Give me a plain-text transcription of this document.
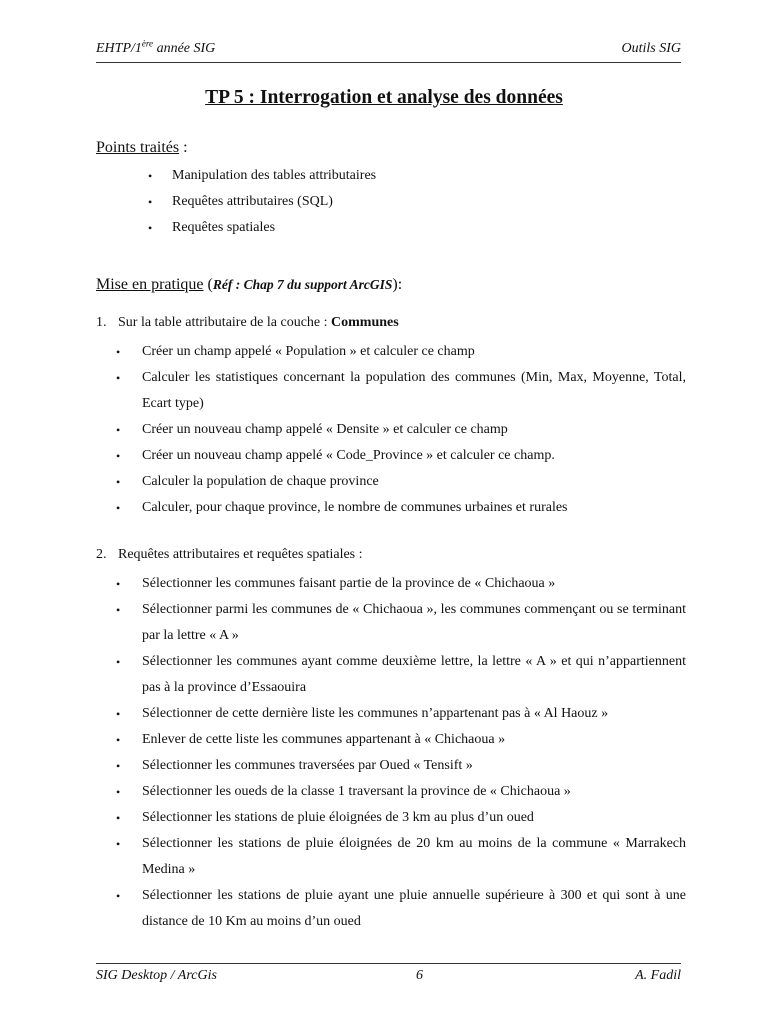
EHTP/1ère année SIG	Outils SIG
TP 5 : Interrogation et analyse des données

Points traités :

• Manipulation des tables attributaires
• Requêtes attributaires (SQL)
• Requêtes spatiales

Mise en pratique (Réf : Chap 7 du support ArcGIS):

1. Sur la table attributaire de la couche : Communes

• Créer un champ appelé « Population » et calculer ce champ
• Calculer les statistiques concernant la population des communes (Min, Max, Moyenne, Total, Ecart type)
• Créer un nouveau champ appelé « Densite » et calculer ce champ
• Créer un nouveau champ appelé « Code_Province » et calculer ce champ.
• Calculer la population de chaque province
• Calculer, pour chaque province, le nombre de communes urbaines et rurales

2. Requêtes attributaires et requêtes spatiales :

• Sélectionner les communes faisant partie de la province de « Chichaoua »
• Sélectionner parmi les communes de « Chichaoua », les communes commençant ou se terminant par la lettre « A »
• Sélectionner les communes ayant comme deuxième lettre, la lettre « A » et qui n’appartiennent pas à la province d’Essaouira
• Sélectionner de cette dernière liste les communes n’appartenant pas à « Al Haouz »
• Enlever de cette liste les communes appartenant à « Chichaoua »
• Sélectionner les communes traversées par Oued « Tensift »
• Sélectionner les oueds de la classe 1 traversant la province de « Chichaoua »
• Sélectionner les stations de pluie éloignées de 3 km au plus d’un oued
• Sélectionner les stations de pluie éloignées de 20 km au moins de la commune « Marrakech Medina »
• Sélectionner les stations de pluie ayant une pluie annuelle supérieure à 300 et qui sont à une distance de 10 Km au moins d’un oued
SIG Desktop / ArcGis	6	A. Fadil
